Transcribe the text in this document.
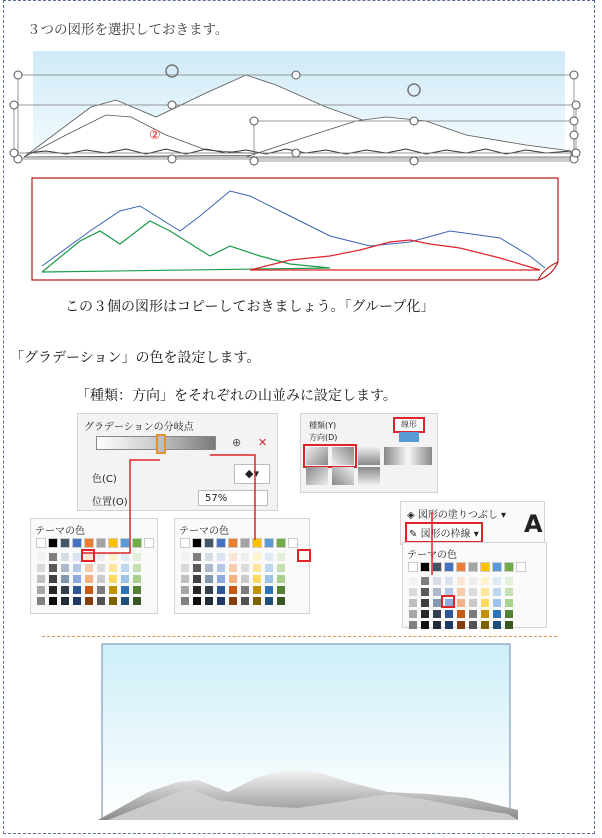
３つの図形を選択しておきます。
②
この３個の図形はコピーしておきましょう。「グループ化」
「グラデーション」の色を設定します。
「種類：方向」をそれぞれの山並みに設定します。
グラデーションの分岐点
⊕ ✕
色(C)	◆▾
位置(O)	57%
種類(Y)	線形
方向(D)
◈ 図形の塗りつぶし ▾
✎ 図形の枠線 ▾ A
テーマの色	テーマの色
テーマの色
